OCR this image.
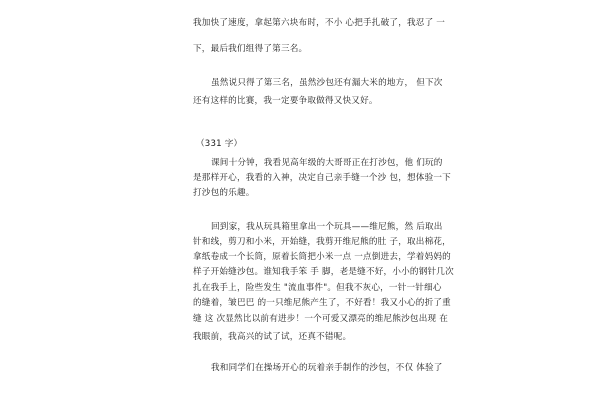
我加快了速度，拿起第六块布时，不小 心把手扎破了，我忍了 一
下，最后我们组得了第三名。
虽然说只得了第三名，虽然沙包还有漏大米的地方， 但下次
还有这样的比赛，我一定要争取做得又快又好。
（331 字）
课间十分钟，我看见高年级的大哥哥正在打沙包，他 们玩的
是那样开心，我看的入神，决定自己亲手缝一个沙 包，想体验一下
打沙包的乐趣。
回到家，我从玩具箱里拿出一个玩具——维尼熊，然 后取出
针和线，剪刀和小米，开始缝，我剪开维尼熊的肚 子，取出棉花，
拿纸卷成一个长筒，原着长筒把小米一点 一点倒进去，学着妈妈的
样子开始缝沙包。谁知我手笨 手 脚，老是缝不好，小小的钢针几次
扎在我手上，险些发生 "流血事件"。但我不灰心，一针一针细心
的缝着，皱巴巴 的一只维尼熊产生了，不好看！我又小心的折了重
缝 这 次显然比以前有进步！一个可爱又漂亮的维尼熊沙包出现 在
我眼前，我高兴的试了试，还真不错呢。
我和同学们在操场开心的玩着亲手制作的沙包，不仅 体验了
